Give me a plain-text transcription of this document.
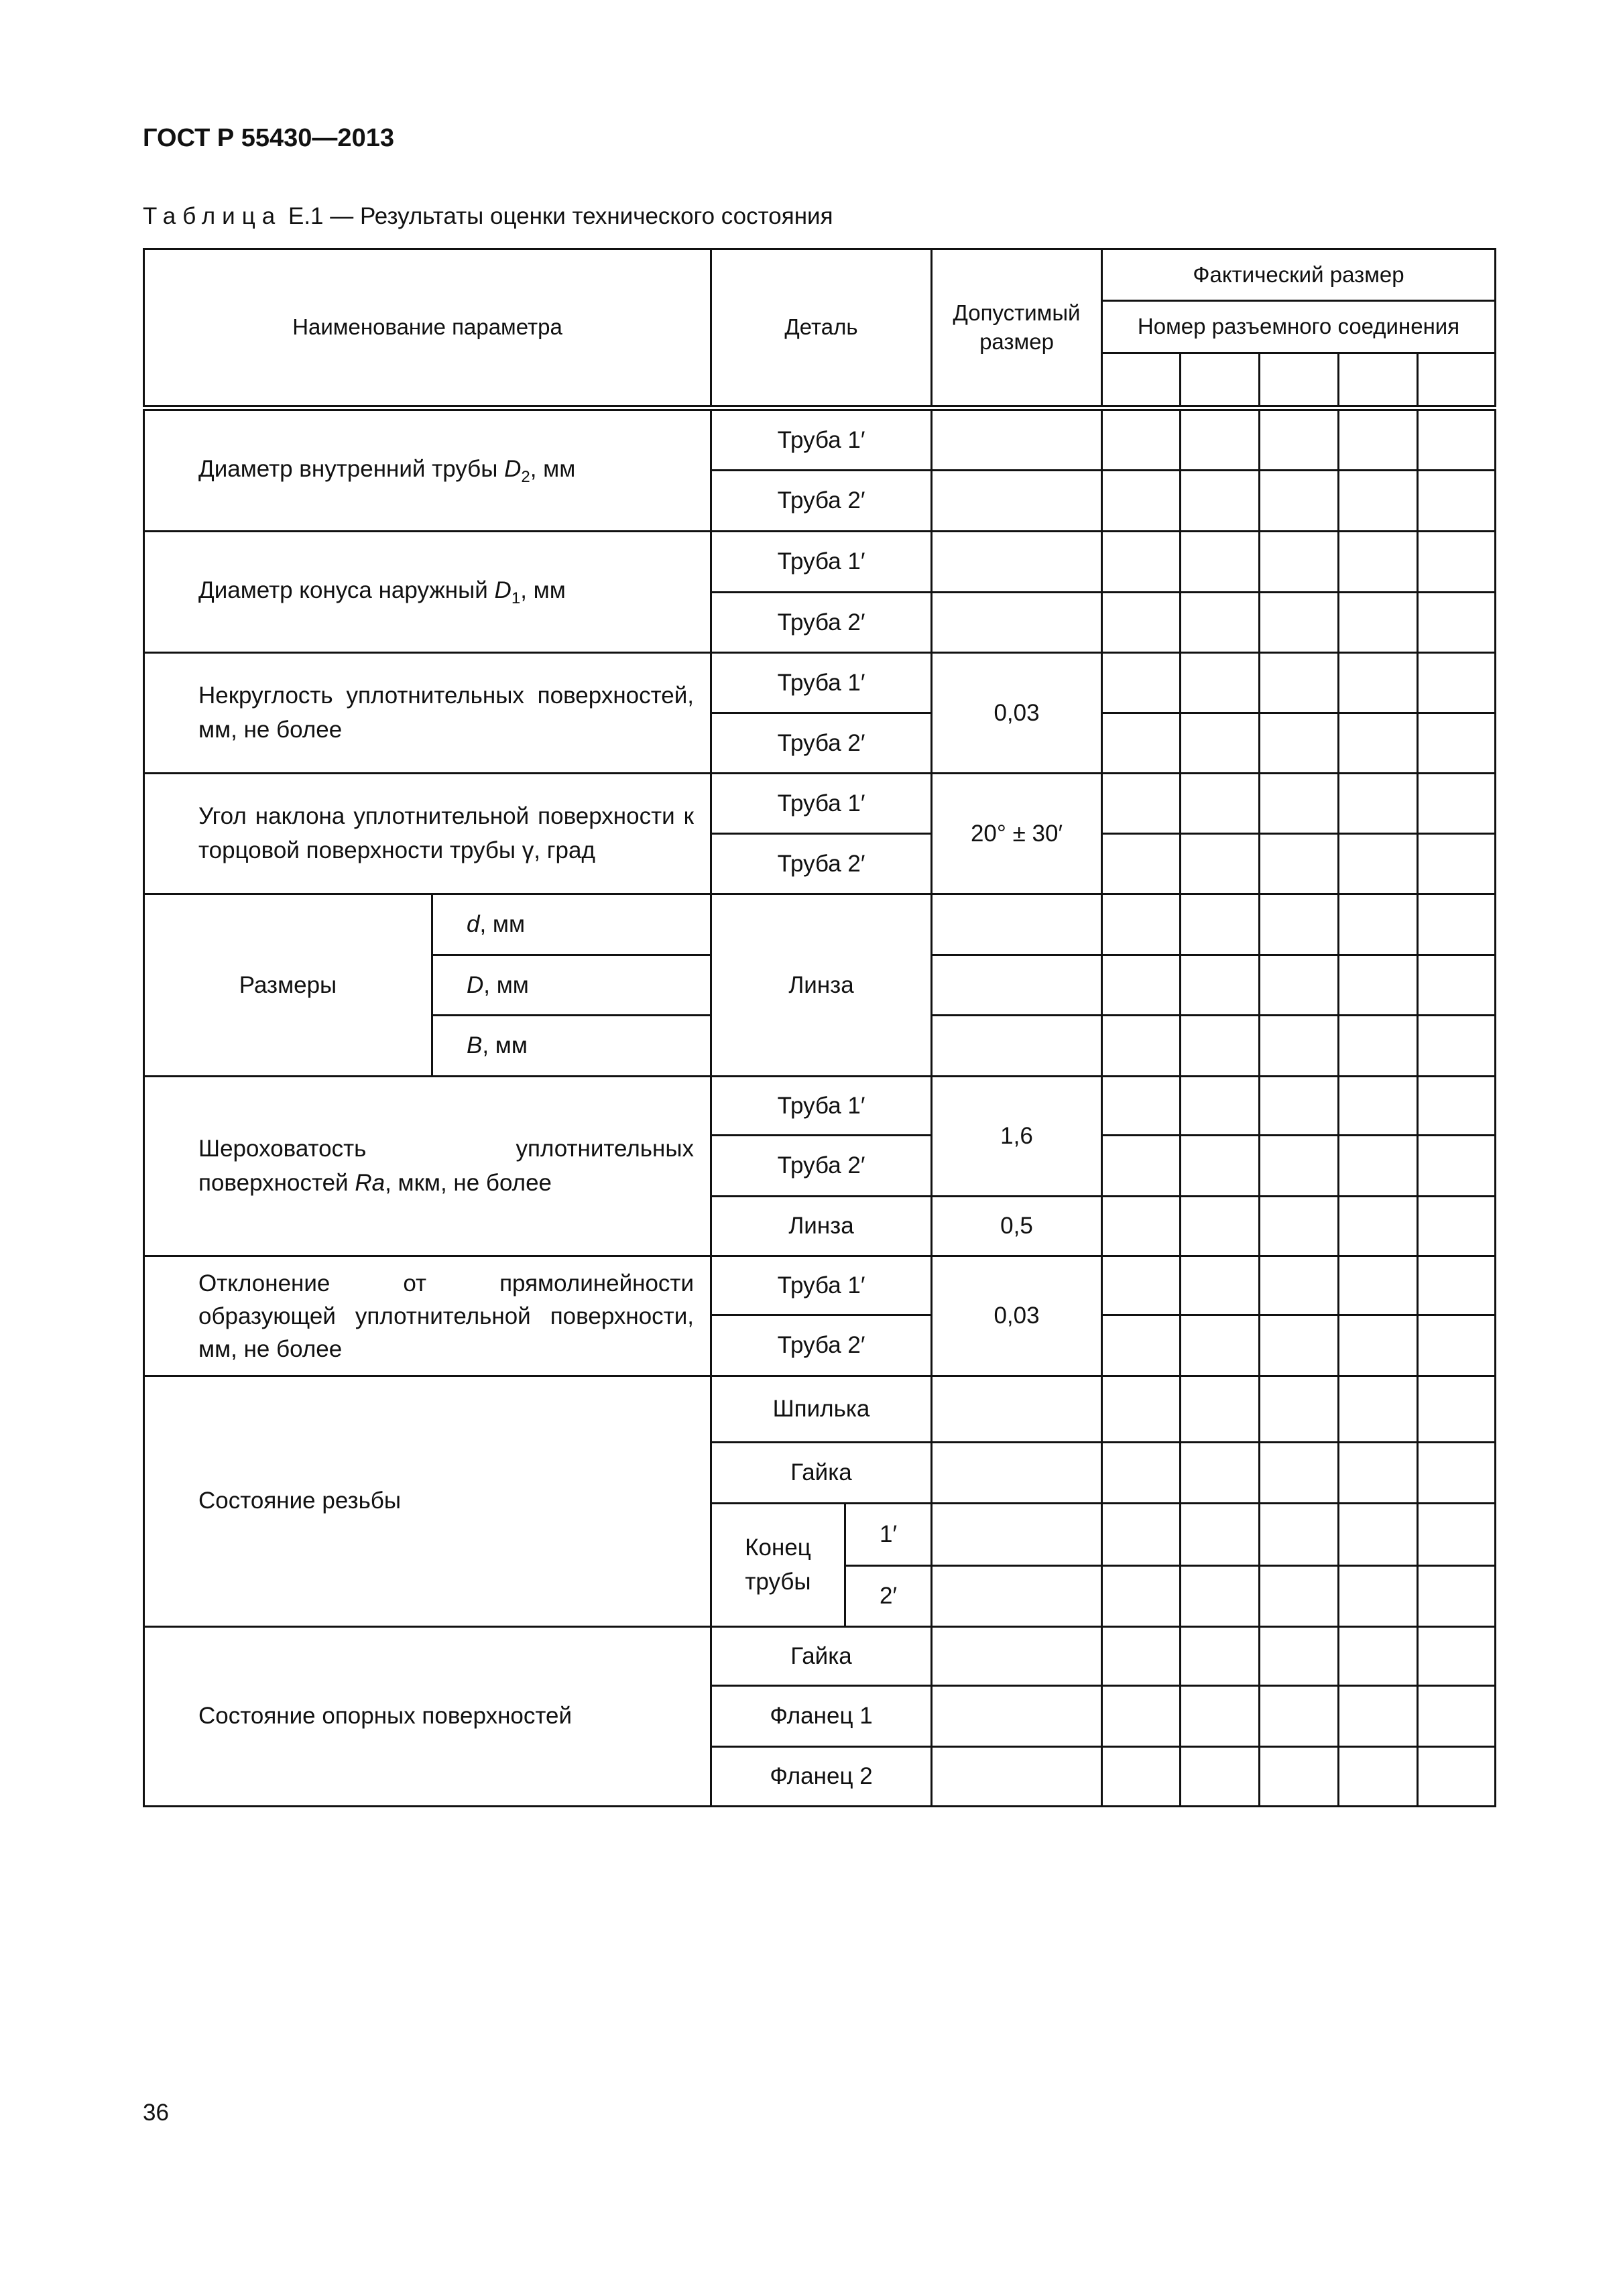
ГОСТ Р 55430—2013
Таблица Е.1 — Результаты оценки технического состояния
Наименование параметра		Деталь		Допустимый размер	Фактический размер				
					Номер разъемного соединения				

Диаметр внутренний трубы $D_2$, мм		Труба 1′							
		Труба 2′							
Диаметр конуса наружный $D_1$, мм		Труба 1′							
		Труба 2′							
Некруглость уплотнительных поверхностей, мм, не более		Труба 1′		0,03					
		Труба 2′							
Угол наклона уплотнительной поверхности к торцовой поверхности трубы γ, град		Труба 1′		20° ± 30′					
		Труба 2′							
Размеры	d, мм	Линза							
	D, мм								
	B, мм								
Шероховатость уплотнительных поверхностей Ra, мкм, не более		Труба 1′		1,6					
		Труба 2′							
		Линза		0,5					
Отклонение от прямолинейности образующей уплотнительной поверхности, мм, не более		Труба 1′		0,03					
		Труба 2′							
Состояние резьбы		Шпилька							
		Гайка							
		Конец трубы	1′						
			2′						
Состояние опорных поверхностей		Гайка							
		Фланец 1							
		Фланец 2							
36
